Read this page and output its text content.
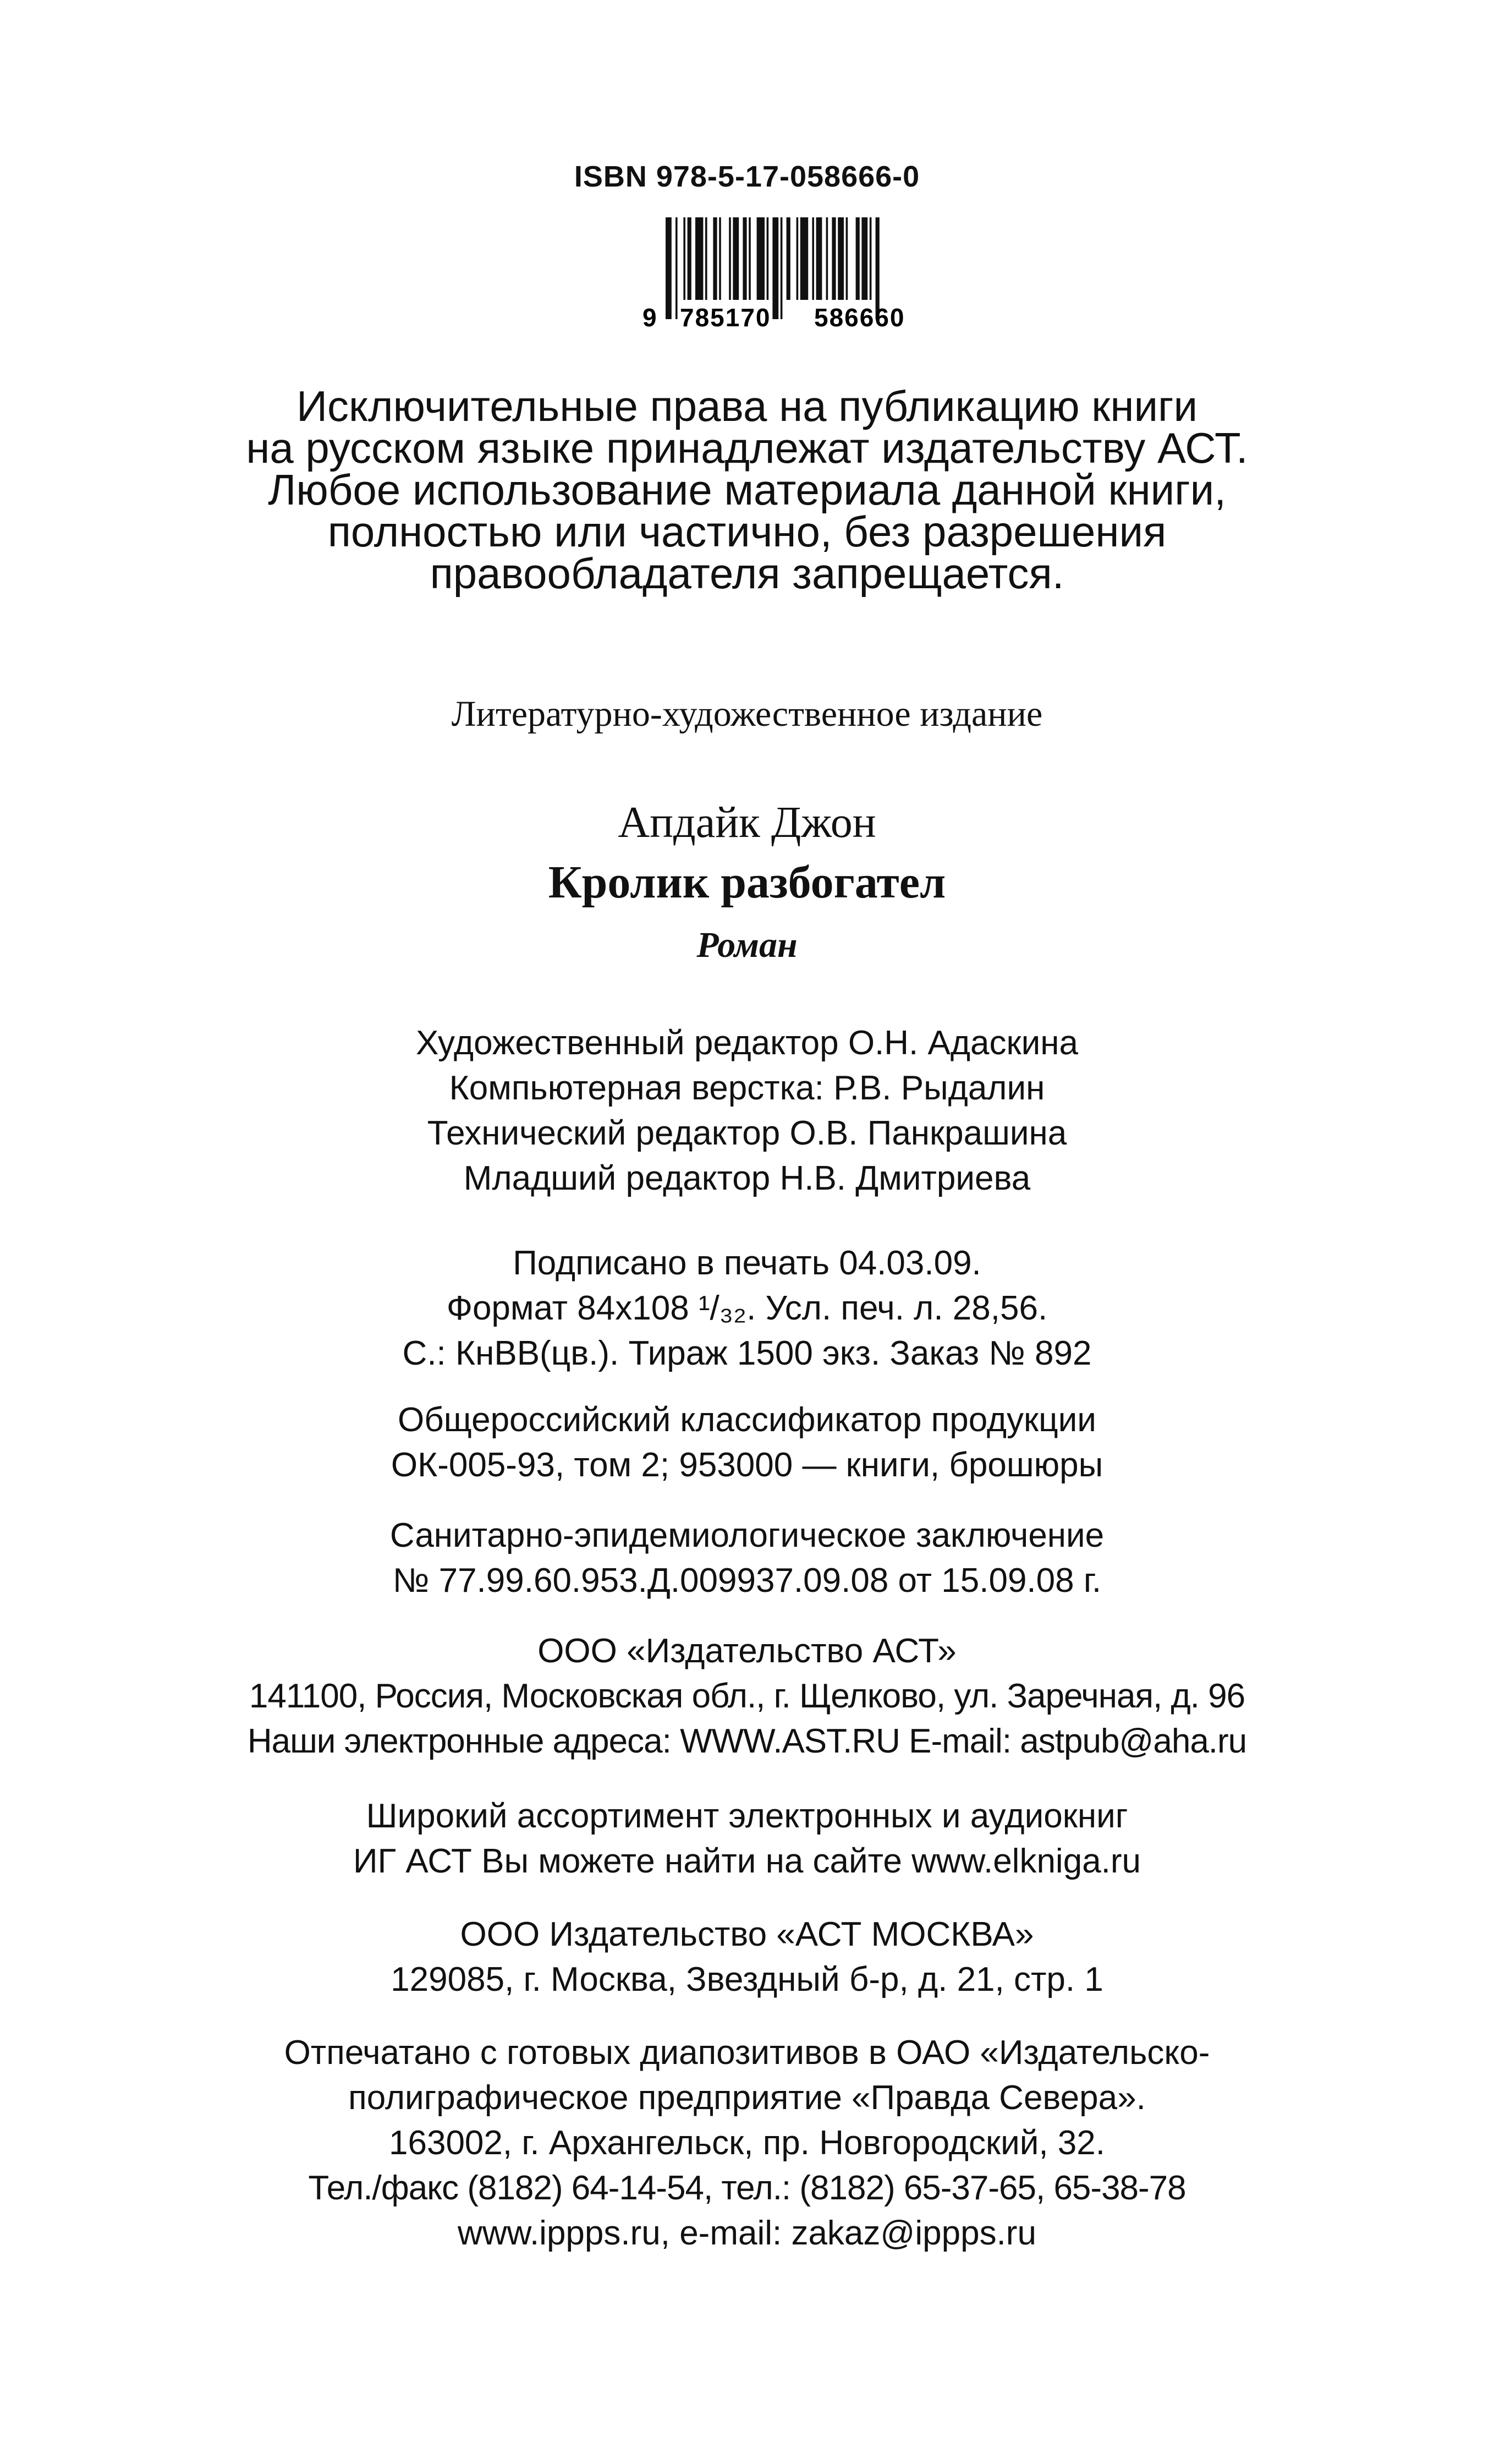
ISBN 978-5-17-058666-0
9 785170 586660
Исключительные права на публикацию книги
на русском языке принадлежат издательству АСТ.
Любое использование материала данной книги,
полностью или частично, без разрешения
правообладателя запрещается.
Литературно-художественное издание
Апдайк Джон
Кролик разбогател
Роман
Художественный редактор О.Н. Адаскина
Компьютерная верстка: Р.В. Рыдалин
Технический редактор О.В. Панкрашина
Младший редактор Н.В. Дмитриева
Подписано в печать 04.03.09.
Формат 84x108 ¹/₃₂. Усл. печ. л. 28,56.
С.: КнВВ(цв.). Тираж 1500 экз. Заказ № 892
Общероссийский классификатор продукции
ОК-005-93, том 2; 953000 — книги, брошюры
Санитарно-эпидемиологическое заключение
№ 77.99.60.953.Д.009937.09.08 от 15.09.08 г.
ООО «Издательство АСТ»
141100, Россия, Московская обл., г. Щелково, ул. Заречная, д. 96
Наши электронные адреса: WWW.AST.RU E-mail: astpub@aha.ru
Широкий ассортимент электронных и аудиокниг
ИГ АСТ Вы можете найти на сайте www.elkniga.ru
ООО Издательство «АСТ МОСКВА»
129085, г. Москва, Звездный б-р, д. 21, стр. 1
Отпечатано с готовых диапозитивов в ОАО «Издательско-
полиграфическое предприятие «Правда Севера».
163002, г. Архангельск, пр. Новгородский, 32.
Тел./факс (8182) 64-14-54, тел.: (8182) 65-37-65, 65-38-78
www.ippps.ru, e-mail: zakaz@ippps.ru
